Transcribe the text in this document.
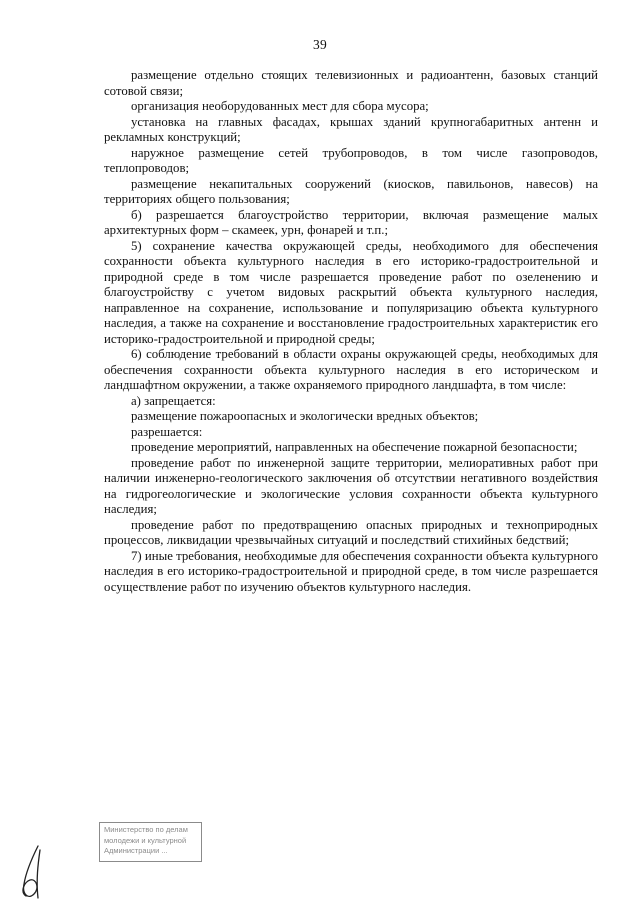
39

размещение отдельно стоящих телевизионных и радиоантенн, базовых станций сотовой связи;

организация необорудованных мест для сбора мусора;

установка на главных фасадах, крышах зданий крупногабаритных антенн и рекламных конструкций;

наружное размещение сетей трубопроводов, в том числе газопроводов, теплопроводов;

размещение некапитальных сооружений (киосков, павильонов, навесов) на территориях общего пользования;

б) разрешается благоустройство территории, включая размещение малых архитектурных форм – скамеек, урн, фонарей и т.п.;

5) сохранение качества окружающей среды, необходимого для обеспечения сохранности объекта культурного наследия в его историко-градостроительной и природной среде в том числе разрешается проведение работ по озеленению и благоустройству с учетом видовых раскрытий объекта культурного наследия, направленное на сохранение, использование и популяризацию объекта культурного наследия, а также на сохранение и восстановление градостроительных характеристик его историко-градостроительной и природной среды;

6) соблюдение требований в области охраны окружающей среды, необходимых для обеспечения сохранности объекта культурного наследия в его историческом и ландшафтном окружении, а также охраняемого природного ландшафта, в том числе:

а) запрещается:

размещение пожароопасных и экологически вредных объектов;

разрешается:

проведение мероприятий, направленных на обеспечение пожарной безопасности;

проведение работ по инженерной защите территории, мелиоративных работ при наличии инженерно-геологического заключения об отсутствии негативного воздействия на гидрогеологические и экологические условия сохранности объекта культурного наследия;

проведение работ по предотвращению опасных природных и техноприродных процессов, ликвидации чрезвычайных ситуаций и последствий стихийных бедствий;

7) иные требования, необходимые для обеспечения сохранности объекта культурного наследия в его историко-градостроительной и природной среде, в том числе разрешается осуществление работ по изучению объектов культурного наследия.

Министерство по делам
молодежи и культурной
Администрации ...
